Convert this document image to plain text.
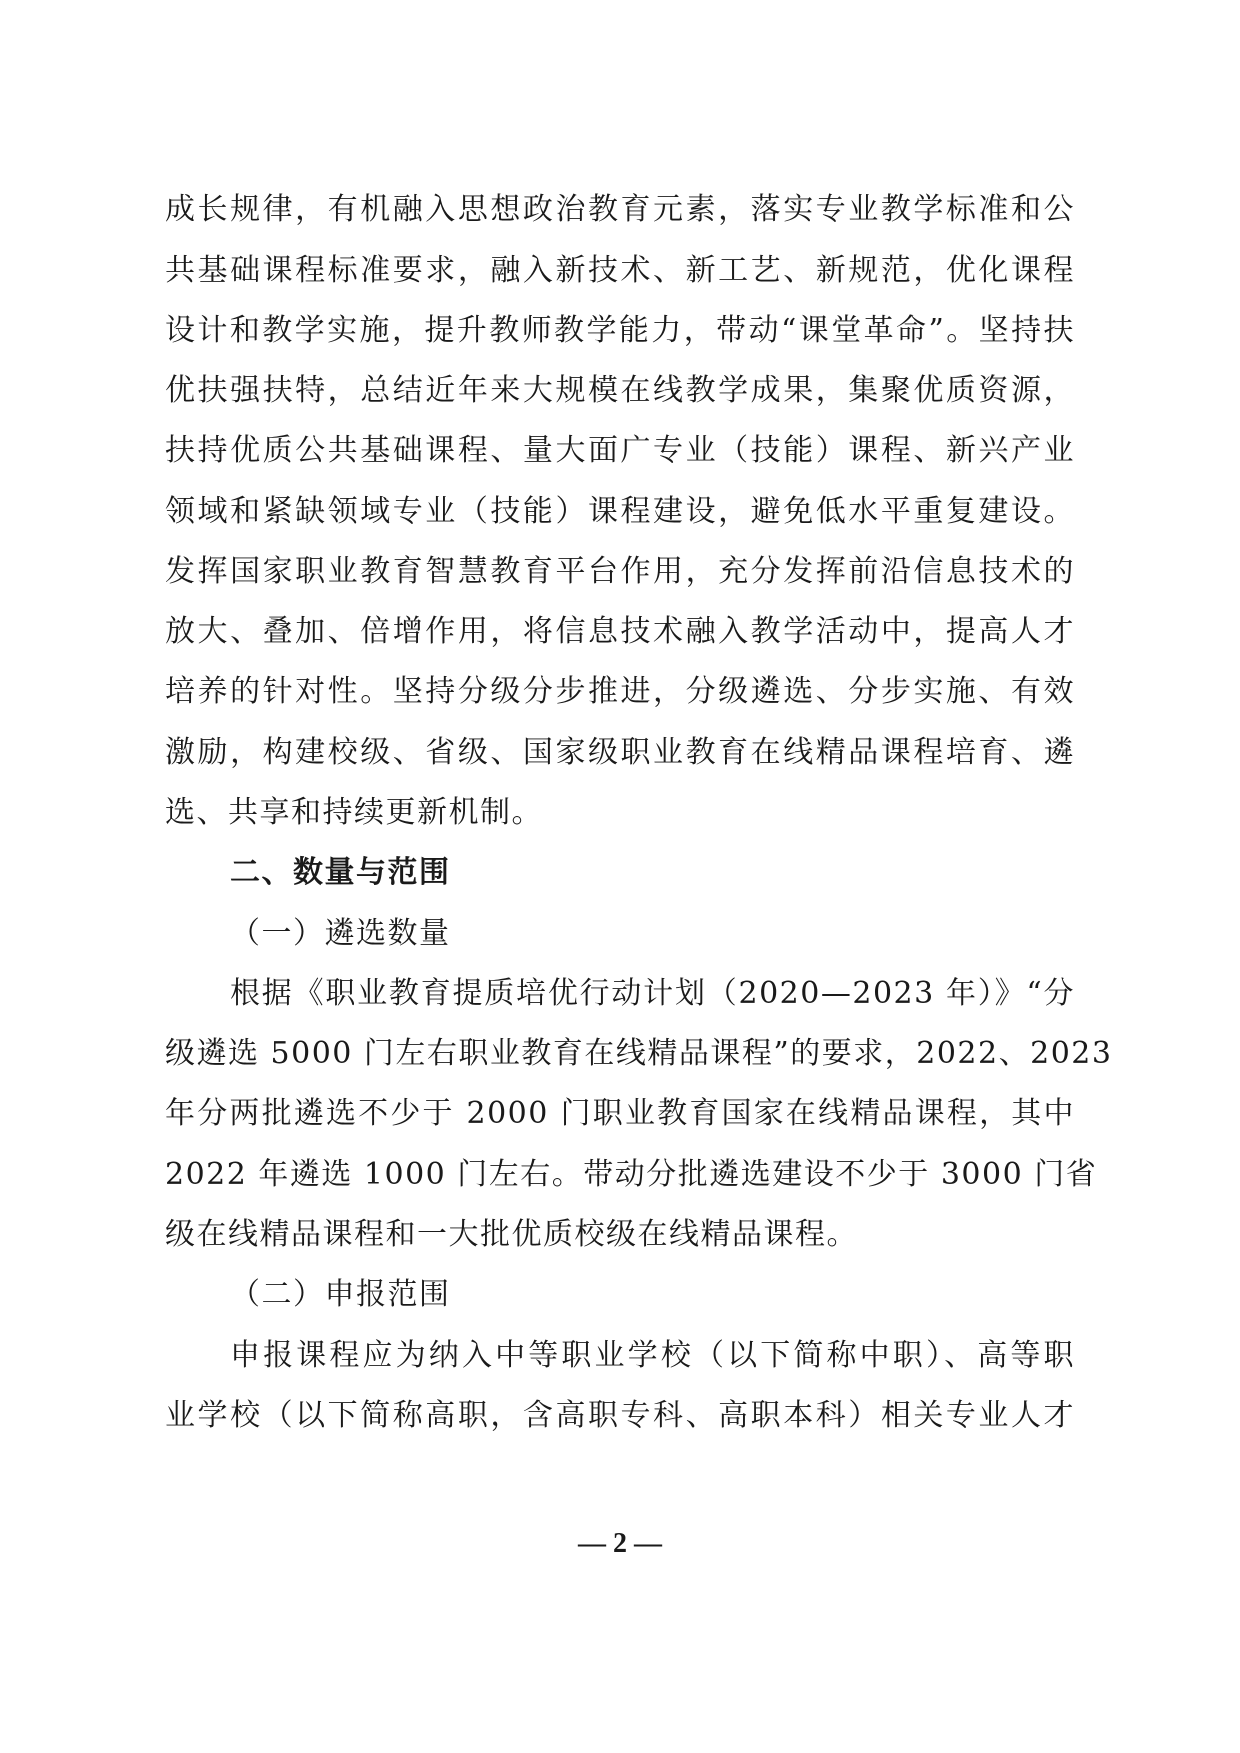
成长规律，有机融入思想政治教育元素，落实专业教学标准和公
共基础课程标准要求，融入新技术、新工艺、新规范，优化课程
设计和教学实施，提升教师教学能力，带动“课堂革命”。坚持扶
优扶强扶特，总结近年来大规模在线教学成果，集聚优质资源，
扶持优质公共基础课程、量大面广专业（技能）课程、新兴产业
领域和紧缺领域专业（技能）课程建设，避免低水平重复建设。
发挥国家职业教育智慧教育平台作用，充分发挥前沿信息技术的
放大、叠加、倍增作用，将信息技术融入教学活动中，提高人才
培养的针对性。坚持分级分步推进，分级遴选、分步实施、有效
激励，构建校级、省级、国家级职业教育在线精品课程培育、遴
选、共享和持续更新机制。
二、数量与范围
（一）遴选数量
根据《职业教育提质培优行动计划（2020—2023 年）》“分
级遴选 5000 门左右职业教育在线精品课程”的要求，2022、2023
年分两批遴选不少于 2000 门职业教育国家在线精品课程，其中
2022 年遴选 1000 门左右。带动分批遴选建设不少于 3000 门省
级在线精品课程和一大批优质校级在线精品课程。
（二）申报范围
申报课程应为纳入中等职业学校（以下简称中职）、高等职
业学校（以下简称高职，含高职专科、高职本科）相关专业人才
— 2 —
